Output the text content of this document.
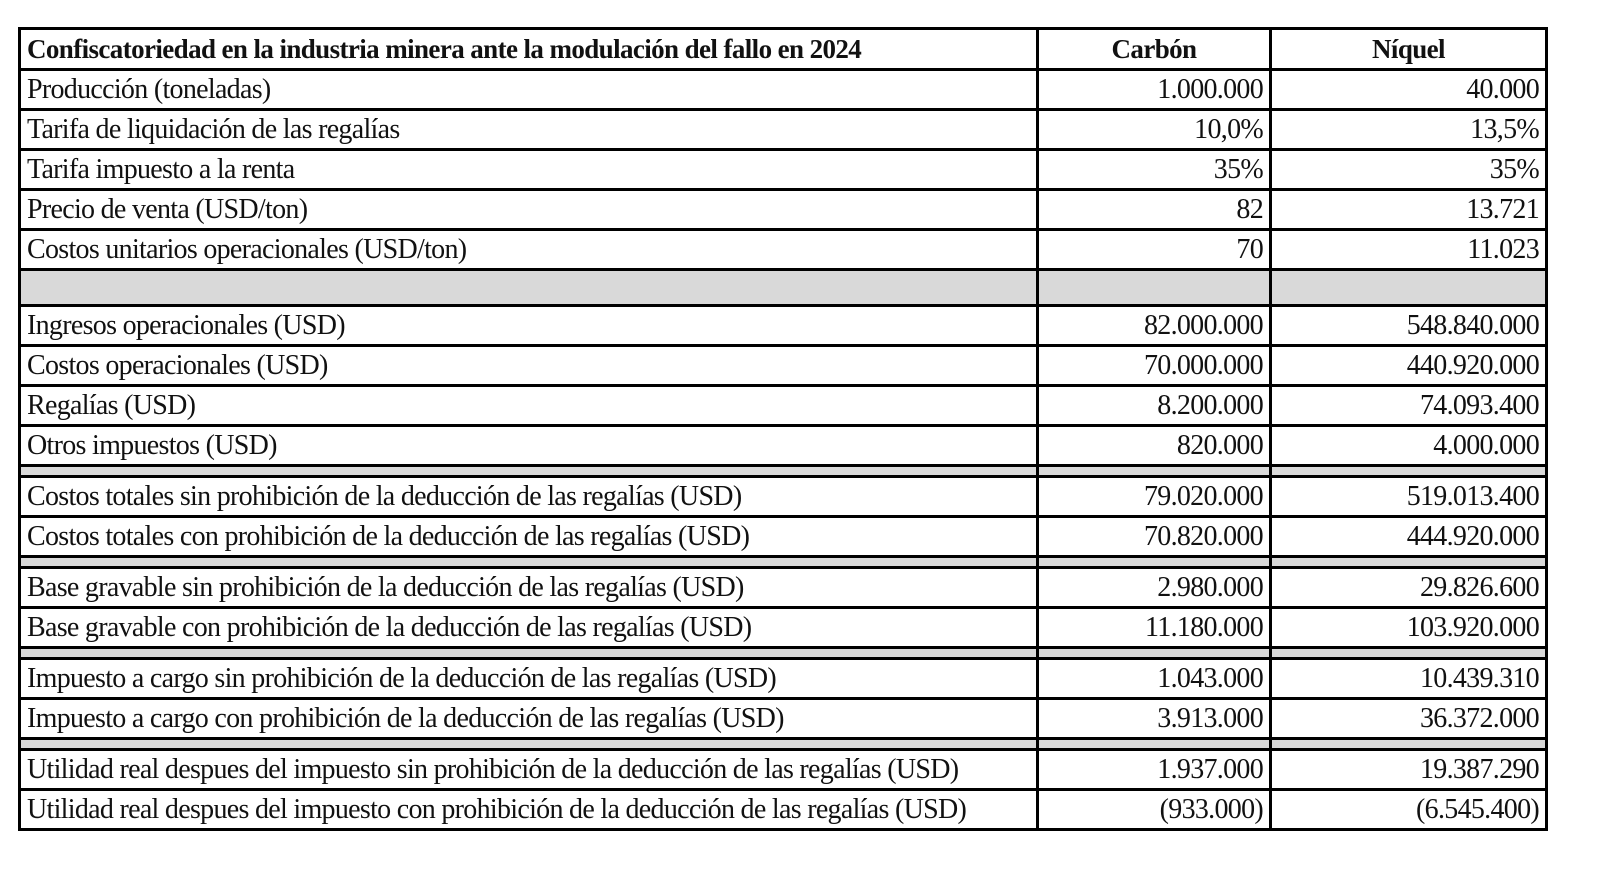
Confiscatoriedad en la industria minera ante la modulación del fallo en 2024	Carbón	Níquel
Producción (toneladas)	1.000.000	40.000
Tarifa de liquidación de las regalías	10,0%	13,5%
Tarifa impuesto a la renta	35%	35%
Precio de venta (USD/ton)	82	13.721
Costos unitarios operacionales (USD/ton)	70	11.023

Ingresos operacionales (USD)	82.000.000	548.840.000
Costos operacionales (USD)	70.000.000	440.920.000
Regalías (USD)	8.200.000	74.093.400
Otros impuestos (USD)	820.000	4.000.000

Costos totales sin prohibición de la deducción de las regalías (USD)	79.020.000	519.013.400
Costos totales con prohibición de la deducción de las regalías (USD)	70.820.000	444.920.000

Base gravable sin prohibición de la deducción de las regalías (USD)	2.980.000	29.826.600
Base gravable con prohibición de la deducción de las regalías (USD)	11.180.000	103.920.000

Impuesto a cargo sin prohibición de la deducción de las regalías (USD)	1.043.000	10.439.310
Impuesto a cargo con prohibición de la deducción de las regalías (USD)	3.913.000	36.372.000

Utilidad real despues del impuesto sin prohibición de la deducción de las regalías (USD)	1.937.000	19.387.290
Utilidad real despues del impuesto con prohibición de la deducción de las regalías (USD)	(933.000)	(6.545.400)
